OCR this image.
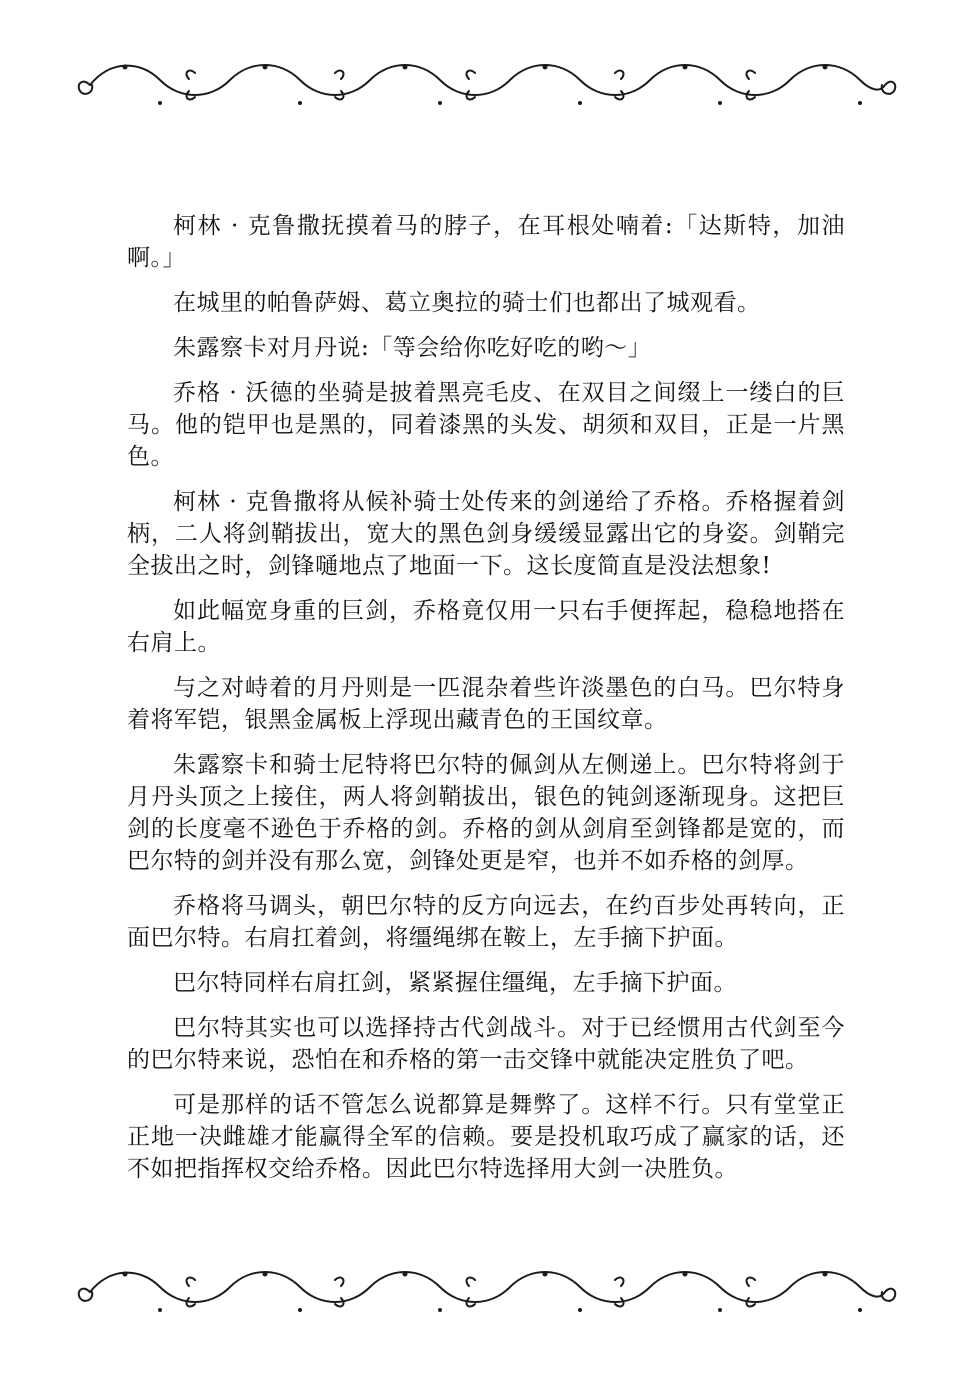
柯林 · 克鲁撒抚摸着马的脖子，在耳根处喃着:「达斯特，加油啊。」

在城里的帕鲁萨姆、葛立奥拉的骑士们也都出了城观看。

朱露察卡对月丹说:「等会给你吃好吃的哟～」

乔格 · 沃德的坐骑是披着黑亮毛皮、在双目之间缀上一缕白的巨马。他的铠甲也是黑的，同着漆黑的头发、胡须和双目，正是一片黑色。

柯林 · 克鲁撒将从候补骑士处传来的剑递给了乔格。乔格握着剑柄，二人将剑鞘拔出，宽大的黑色剑身缓缓显露出它的身姿。剑鞘完全拔出之时，剑锋嗵地点了地面一下。这长度简直是没法想象!

如此幅宽身重的巨剑，乔格竟仅用一只右手便挥起，稳稳地搭在右肩上。

与之对峙着的月丹则是一匹混杂着些许淡墨色的白马。巴尔特身着将军铠，银黑金属板上浮现出藏青色的王国纹章。

朱露察卡和骑士尼特将巴尔特的佩剑从左侧递上。巴尔特将剑于月丹头顶之上接住，两人将剑鞘拔出，银色的钝剑逐渐现身。这把巨剑的长度毫不逊色于乔格的剑。乔格的剑从剑肩至剑锋都是宽的，而巴尔特的剑并没有那么宽，剑锋处更是窄，也并不如乔格的剑厚。

乔格将马调头，朝巴尔特的反方向远去，在约百步处再转向，正面巴尔特。右肩扛着剑，将缰绳绑在鞍上，左手摘下护面。

巴尔特同样右肩扛剑，紧紧握住缰绳，左手摘下护面。

巴尔特其实也可以选择持古代剑战斗。对于已经惯用古代剑至今的巴尔特来说，恐怕在和乔格的第一击交锋中就能决定胜负了吧。

可是那样的话不管怎么说都算是舞弊了。这样不行。只有堂堂正正地一决雌雄才能赢得全军的信赖。要是投机取巧成了赢家的话，还不如把指挥权交给乔格。因此巴尔特选择用大剑一决胜负。
